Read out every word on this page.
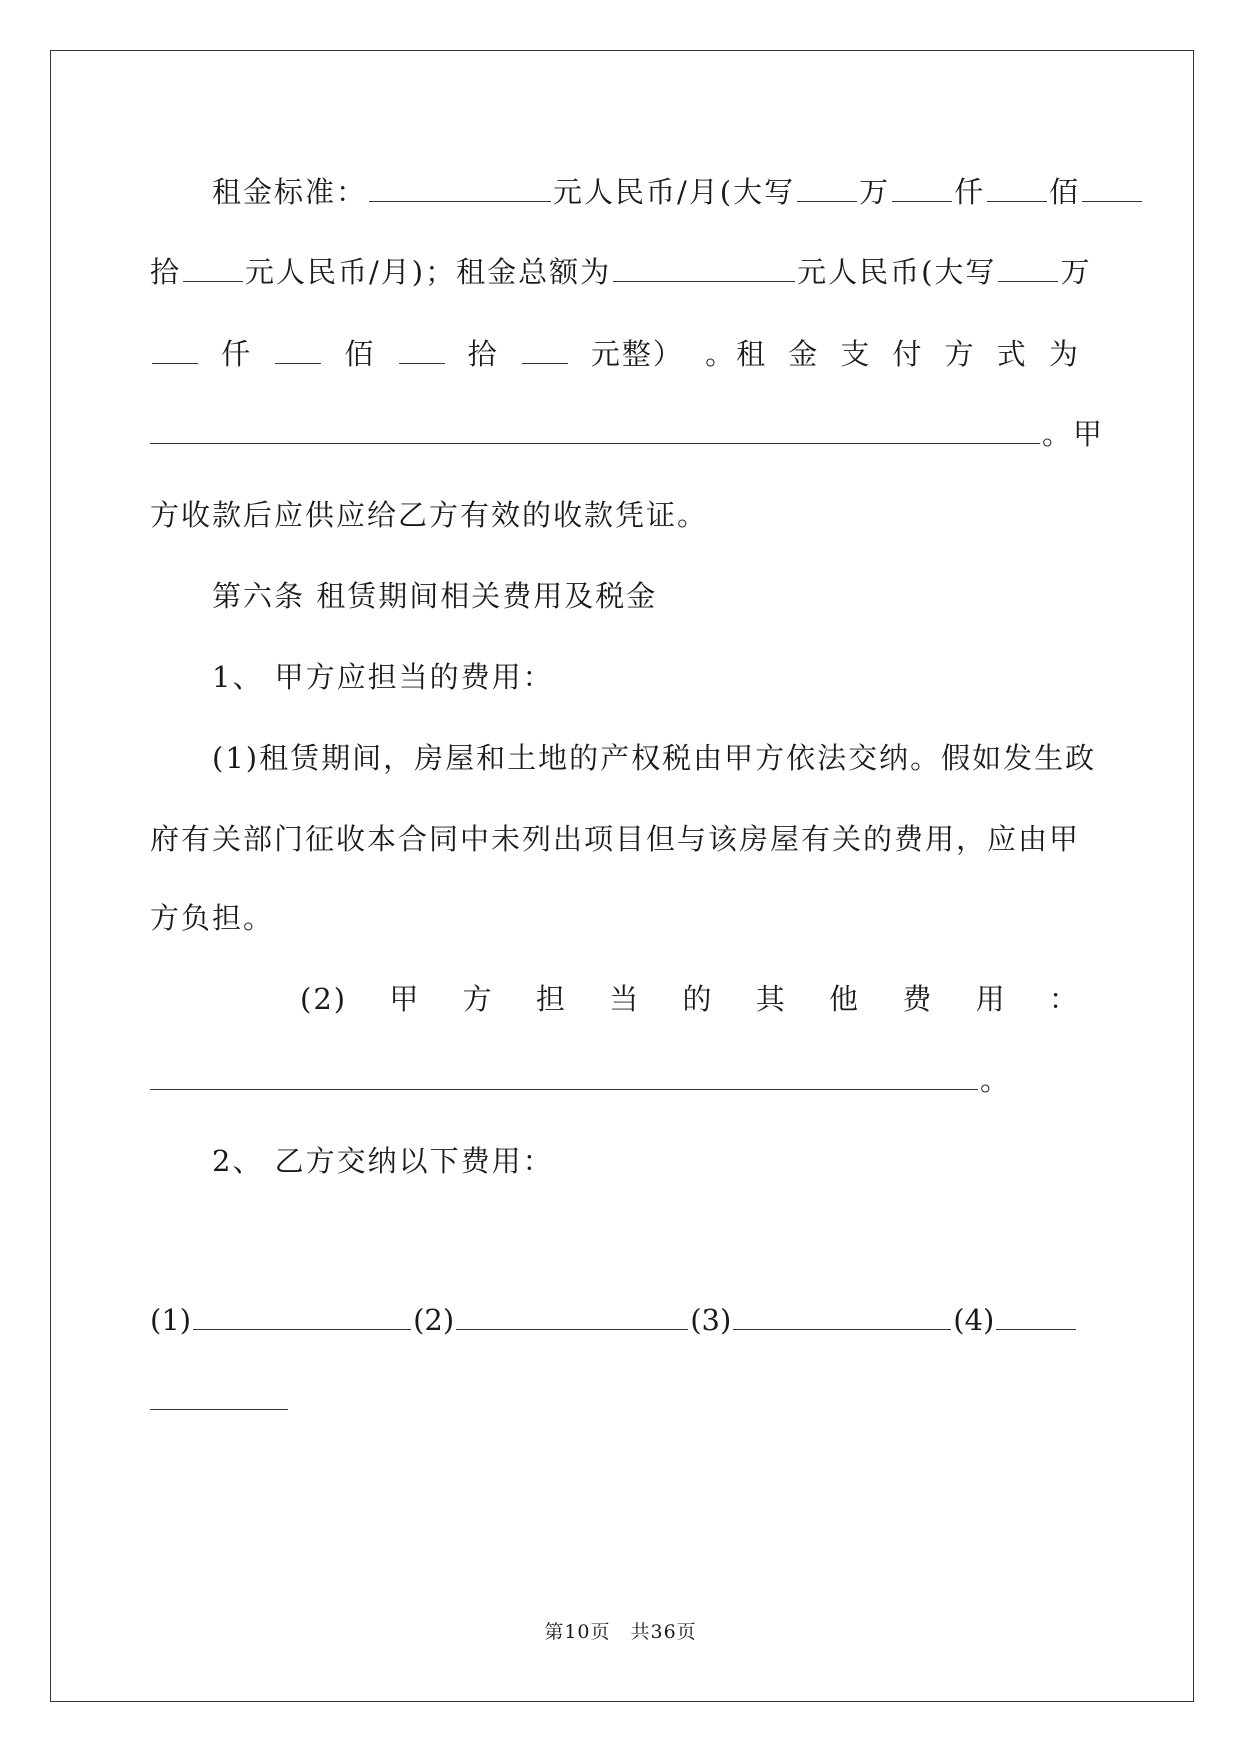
租金标准：	元人民币/月(大写 万 仟 佰
拾 元人民币/月)；租金总额为	元人民币(大写 万
仟	佰	拾	元整） 。租 金 支 付 方 式 为
。甲
方收款后应供应给乙方有效的收款凭证。
第六条 租赁期间相关费用及税金
1、 甲方应担当的费用：
(1)租赁期间，房屋和土地的产权税由甲方依法交纳。假如发生政
府有关部门征收本合同中未列出项目但与该房屋有关的费用，应由甲
方负担。
(2) 甲 方 担 当 的 其 他 费 用 ：
。
2、 乙方交纳以下费用：
(1)	(2)	(3)	(4)
第10页　共36页
